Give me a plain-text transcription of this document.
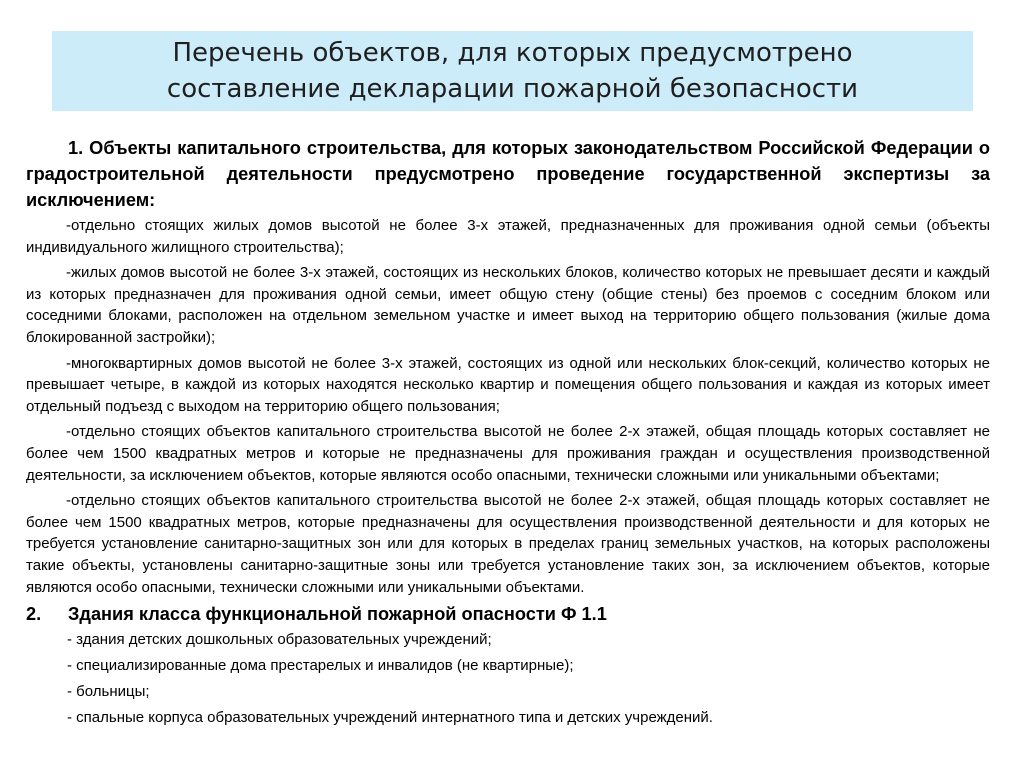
Перечень объектов, для которых предусмотрено
составление декларации пожарной безопасности

1. Объекты капитального строительства, для которых законодательством Российской Федерации о градостроительной деятельности предусмотрено проведение государственной экспертизы за исключением:

-отдельно стоящих жилых домов высотой не более 3-х этажей, предназначенных для проживания одной семьи (объекты индивидуального жилищного строительства);

-жилых домов высотой не более 3-х этажей, состоящих из нескольких блоков, количество которых не превышает десяти и каждый из которых предназначен для проживания одной семьи, имеет общую стену (общие стены) без проемов с соседним блоком или соседними блоками, расположен на отдельном земельном участке и имеет выход на территорию общего пользования (жилые дома блокированной застройки);

-многоквартирных домов высотой не более 3-х этажей, состоящих из одной или нескольких блок-секций, количество которых не превышает четыре, в каждой из которых находятся несколько квартир и помещения общего пользования и каждая из которых имеет отдельный подъезд с выходом на территорию общего пользования;

-отдельно стоящих объектов капитального строительства высотой не более 2-х этажей, общая площадь которых составляет не более чем 1500 квадратных метров и которые не предназначены для проживания граждан и осуществления производственной деятельности, за исключением объектов, которые являются особо опасными, технически сложными или уникальными объектами;

-отдельно стоящих объектов капитального строительства высотой не более 2-х этажей, общая площадь которых составляет не более чем 1500 квадратных метров, которые предназначены для осуществления производственной деятельности и для которых не требуется установление санитарно-защитных зон или для которых в пределах границ земельных участков, на которых расположены такие объекты, установлены санитарно-защитные зоны или требуется установление таких зон, за исключением объектов, которые являются особо опасными, технически сложными или уникальными объектами.

2.	Здания класса функциональной пожарной опасности Ф 1.1
- здания детских дошкольных образовательных учреждений;
- специализированные дома престарелых и инвалидов (не квартирные);
- больницы;
- спальные корпуса образовательных учреждений интернатного типа и детских учреждений.
